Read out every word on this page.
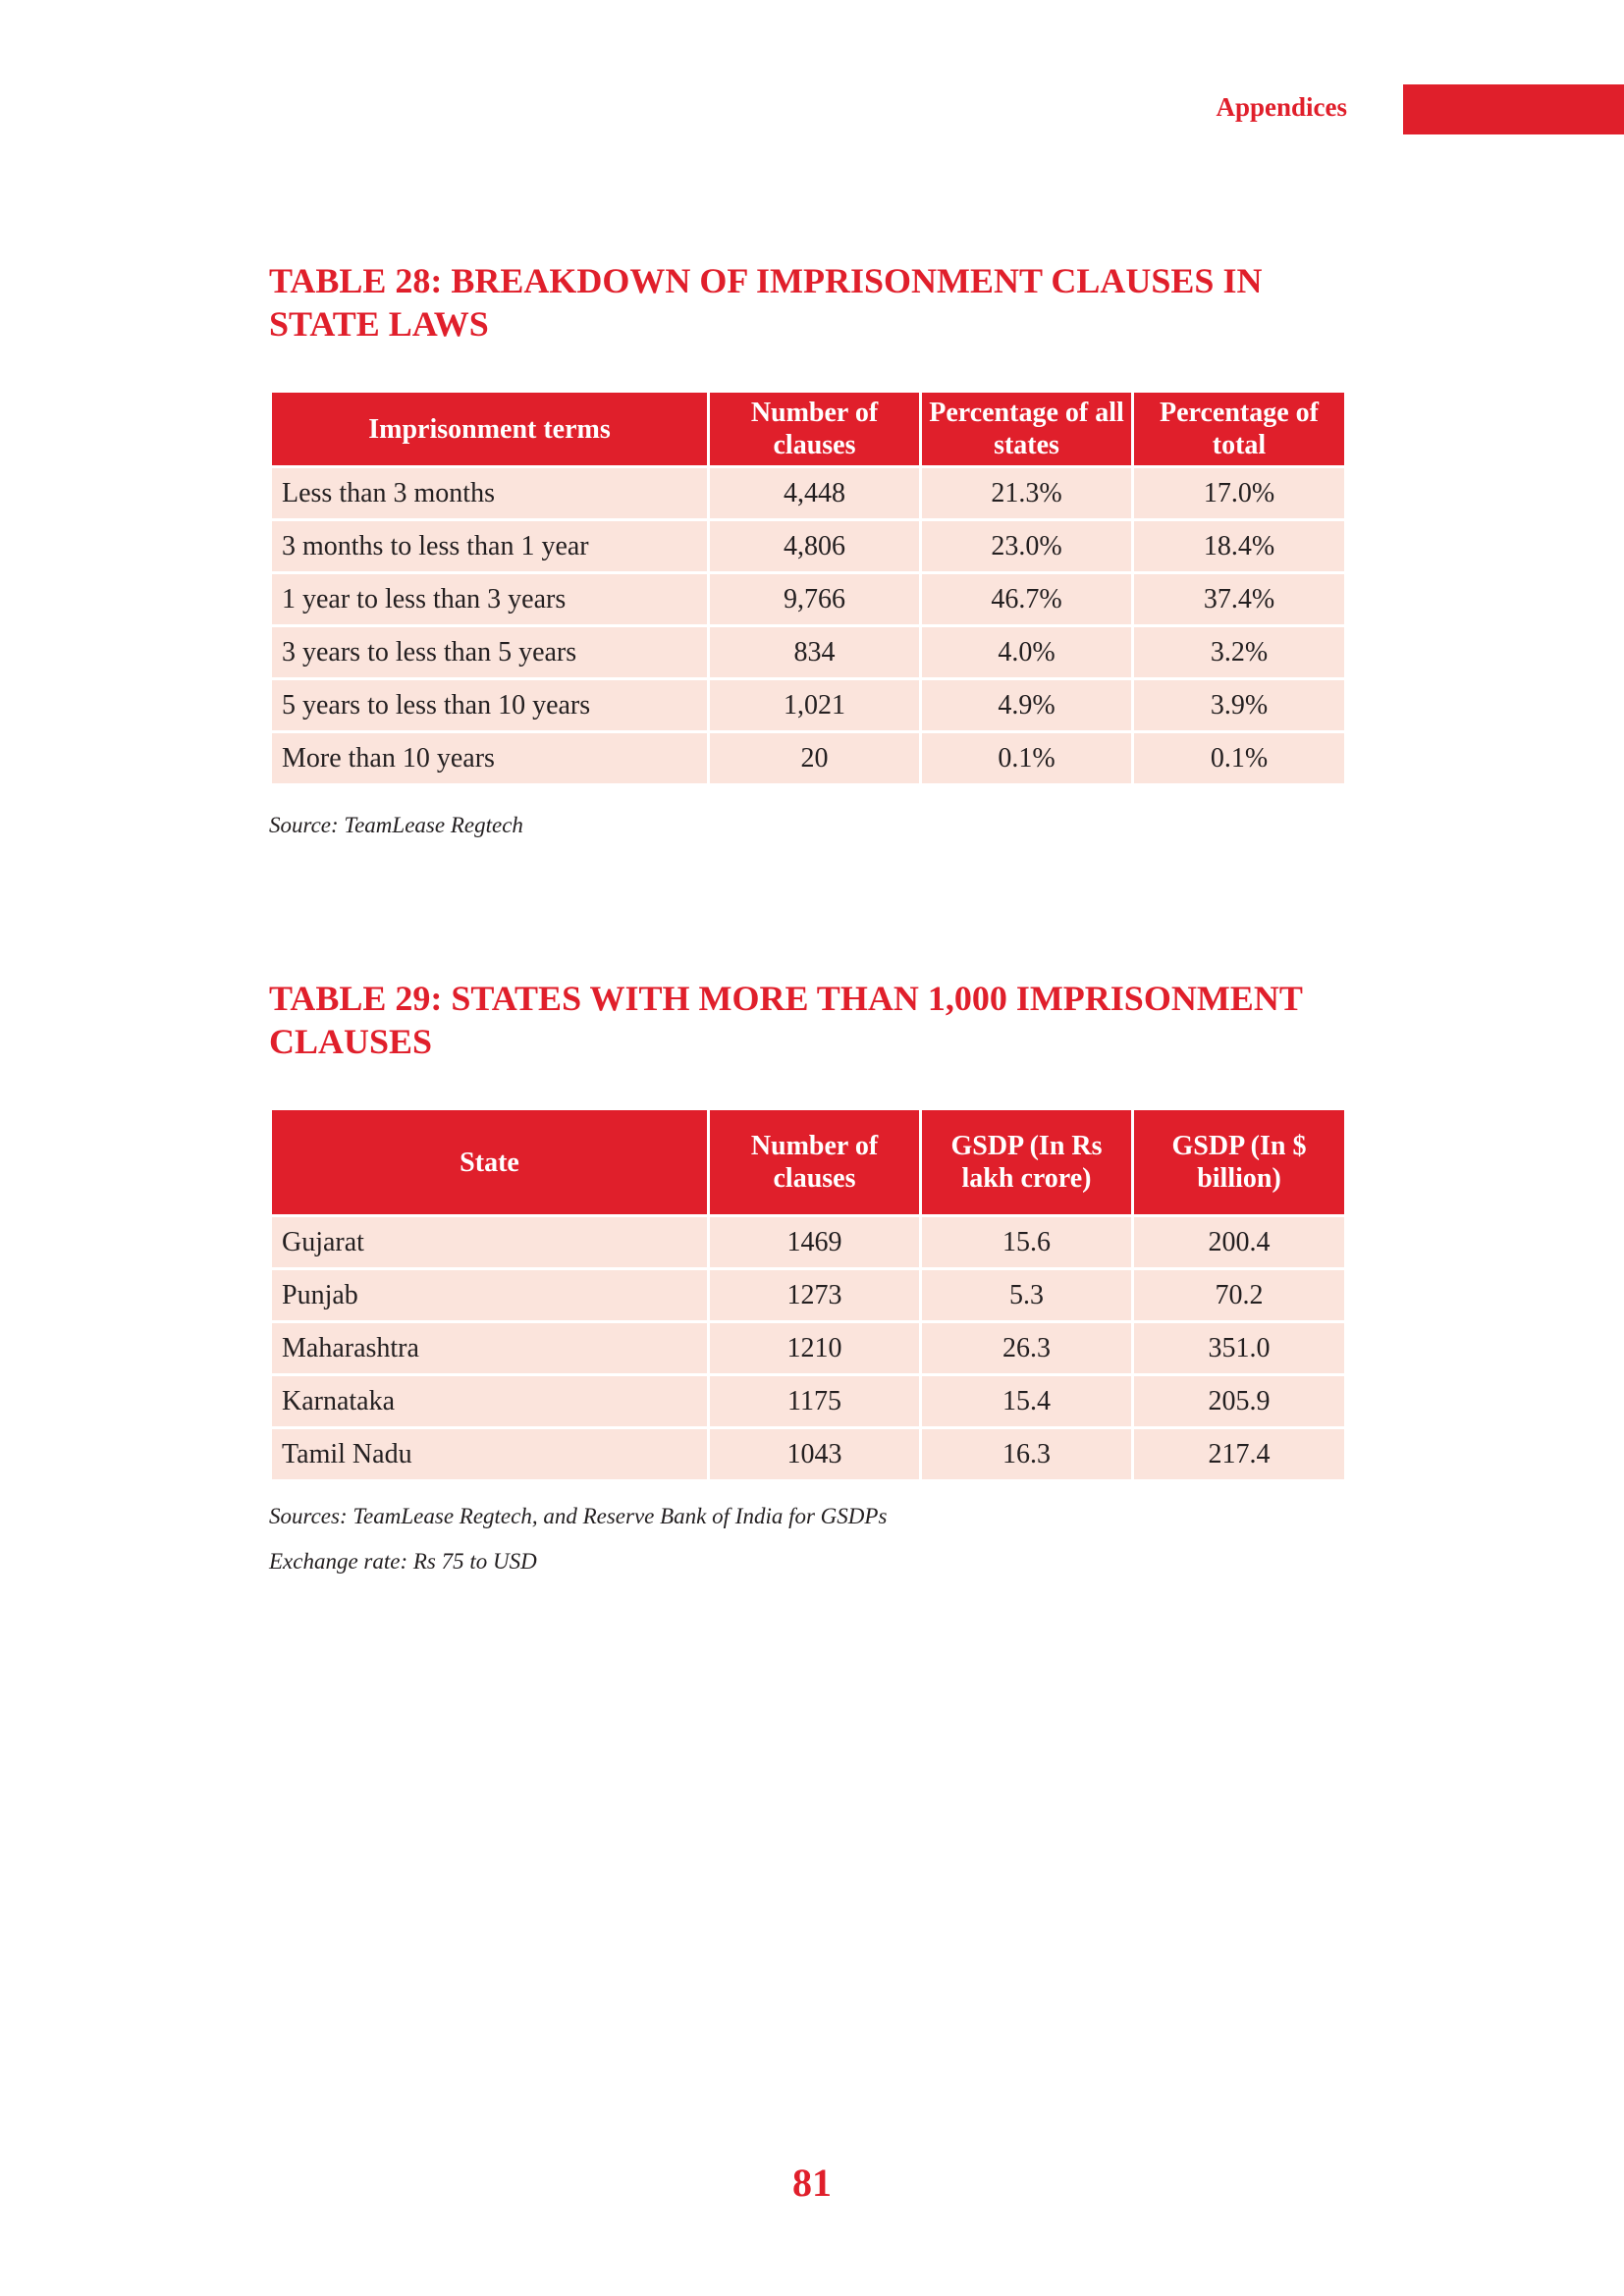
Appendices
TABLE 28: BREAKDOWN OF IMPRISONMENT CLAUSES IN STATE LAWS
Imprisonment terms	Number of clauses	Percentage of all states	Percentage of total
Less than 3 months	4,448	21.3%	17.0%
3 months to less than 1 year	4,806	23.0%	18.4%
1 year to less than 3 years	9,766	46.7%	37.4%
3 years to less than 5 years	834	4.0%	3.2%
5 years to less than 10 years	1,021	4.9%	3.9%
More than 10 years	20	0.1%	0.1%

Source: TeamLease Regtech

TABLE 29: STATES WITH MORE THAN 1,000 IMPRISONMENT CLAUSES
State	Number of clauses	GSDP (In Rs lakh crore)	GSDP (In $ billion)
Gujarat	1469	15.6	200.4
Punjab	1273	5.3	70.2
Maharashtra	1210	26.3	351.0
Karnataka	1175	15.4	205.9
Tamil Nadu	1043	16.3	217.4

Sources: TeamLease Regtech, and Reserve Bank of India for GSDPs

Exchange rate: Rs 75 to USD

81
